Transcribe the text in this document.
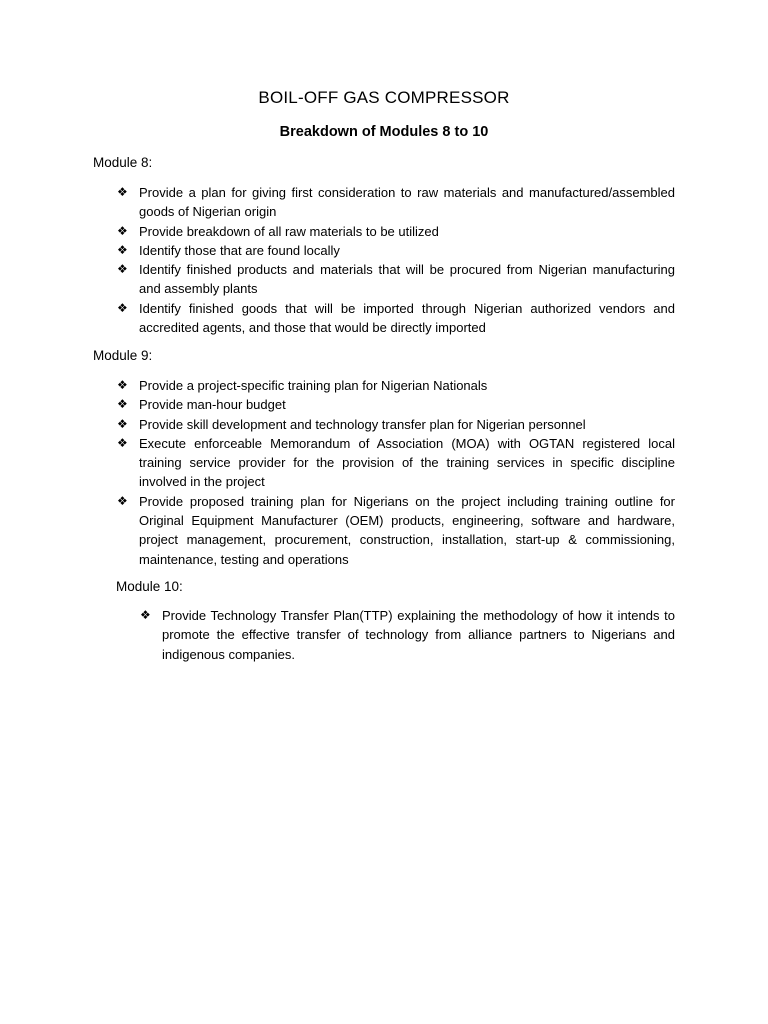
BOIL-OFF GAS COMPRESSOR
Breakdown of Modules 8 to 10
Module 8:
❖ Provide a plan for giving first consideration to raw materials and manufactured/assembled goods of Nigerian origin
❖ Provide breakdown of all raw materials to be utilized
❖ Identify those that are found locally
❖ Identify finished products and materials that will be procured from Nigerian manufacturing and assembly plants
❖ Identify finished goods that will be imported through Nigerian authorized vendors and accredited agents, and those that would be directly imported
Module 9:
❖ Provide a project-specific training plan for Nigerian Nationals
❖ Provide man-hour budget
❖ Provide skill development and technology transfer plan for Nigerian personnel
❖ Execute enforceable Memorandum of Association (MOA) with OGTAN registered local training service provider for the provision of the training services in specific discipline involved in the project
❖ Provide proposed training plan for Nigerians on the project including training outline for Original Equipment Manufacturer (OEM) products, engineering, software and hardware, project management, procurement, construction, installation, start-up & commissioning, maintenance, testing and operations
Module 10:
❖ Provide Technology Transfer Plan(TTP) explaining the methodology of how it intends to promote the effective transfer of technology from alliance partners to Nigerians and indigenous companies.
